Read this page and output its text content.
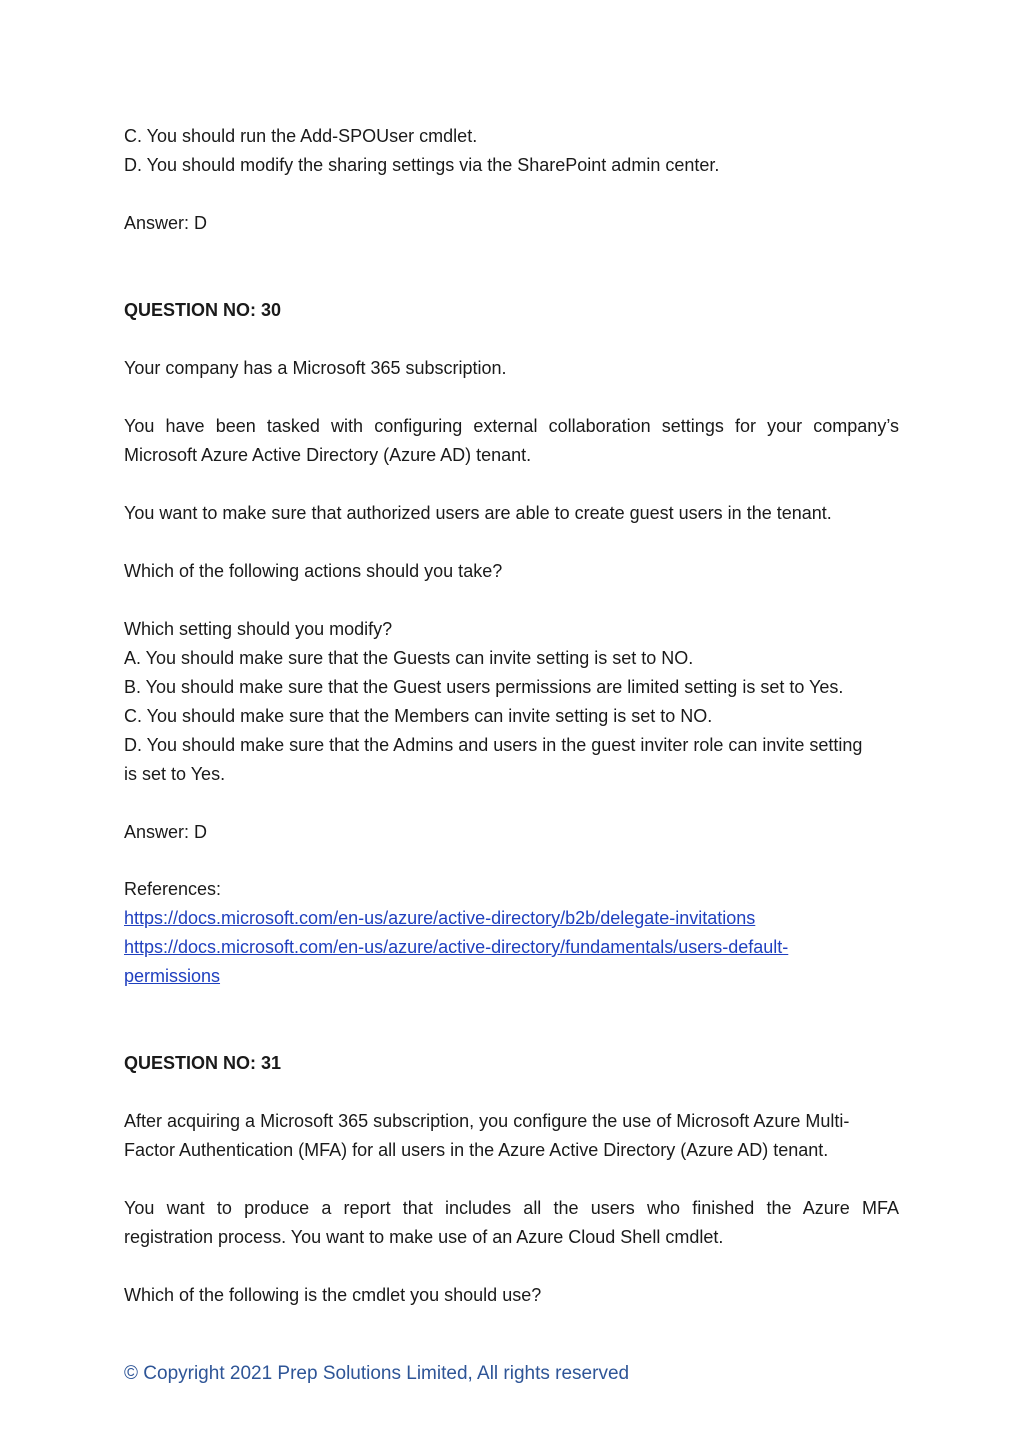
C. You should run the Add-SPOUser cmdlet.
D. You should modify the sharing settings via the SharePoint admin center.
Answer: D
QUESTION NO: 30
Your company has a Microsoft 365 subscription.
You have been tasked with configuring external collaboration settings for your company’s
Microsoft Azure Active Directory (Azure AD) tenant.
You want to make sure that authorized users are able to create guest users in the tenant.
Which of the following actions should you take?
Which setting should you modify?
A. You should make sure that the Guests can invite setting is set to NO.
B. You should make sure that the Guest users permissions are limited setting is set to Yes.
C. You should make sure that the Members can invite setting is set to NO.
D. You should make sure that the Admins and users in the guest inviter role can invite setting
is set to Yes.
Answer: D
References:
https://docs.microsoft.com/en-us/azure/active-directory/b2b/delegate-invitations
https://docs.microsoft.com/en-us/azure/active-directory/fundamentals/users-default-
permissions
QUESTION NO: 31
After acquiring a Microsoft 365 subscription, you configure the use of Microsoft Azure Multi-
Factor Authentication (MFA) for all users in the Azure Active Directory (Azure AD) tenant.
You want to produce a report that includes all the users who finished the Azure MFA
registration process. You want to make use of an Azure Cloud Shell cmdlet.
Which of the following is the cmdlet you should use?
© Copyright 2021 Prep Solutions Limited, All rights reserved
